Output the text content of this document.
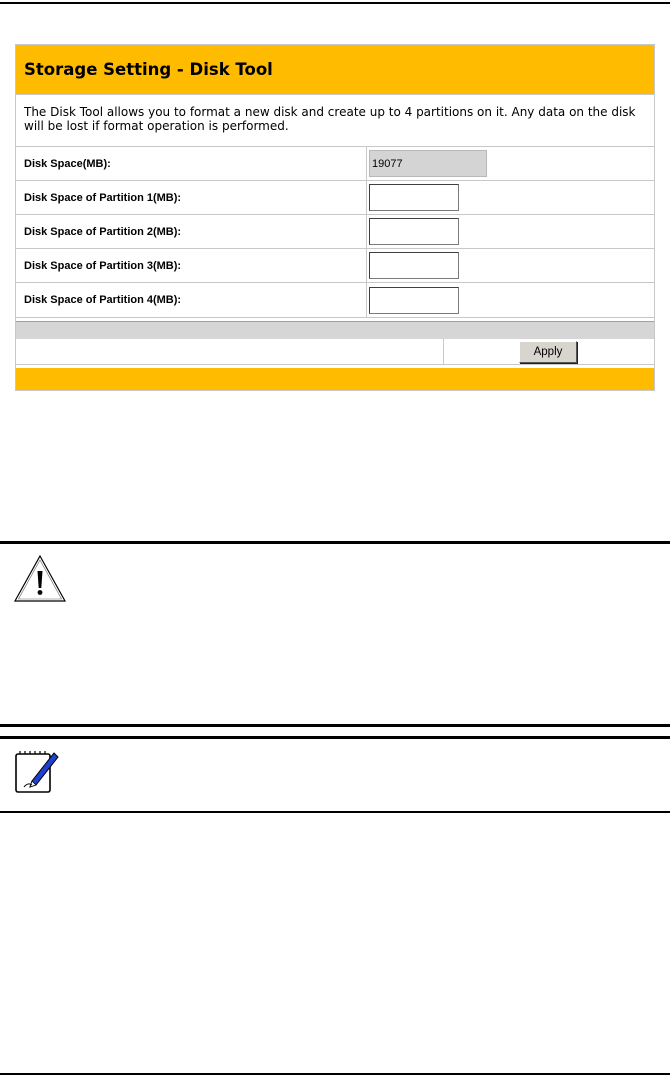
Storage Setting - Disk Tool
The Disk Tool allows you to format a new disk and create up to 4 partitions on it. Any data on the disk will be lost if format operation is performed.
Disk Space(MB):	19077
Disk Space of Partition 1(MB):
Disk Space of Partition 2(MB):
Disk Space of Partition 3(MB):
Disk Space of Partition 4(MB):
Apply
